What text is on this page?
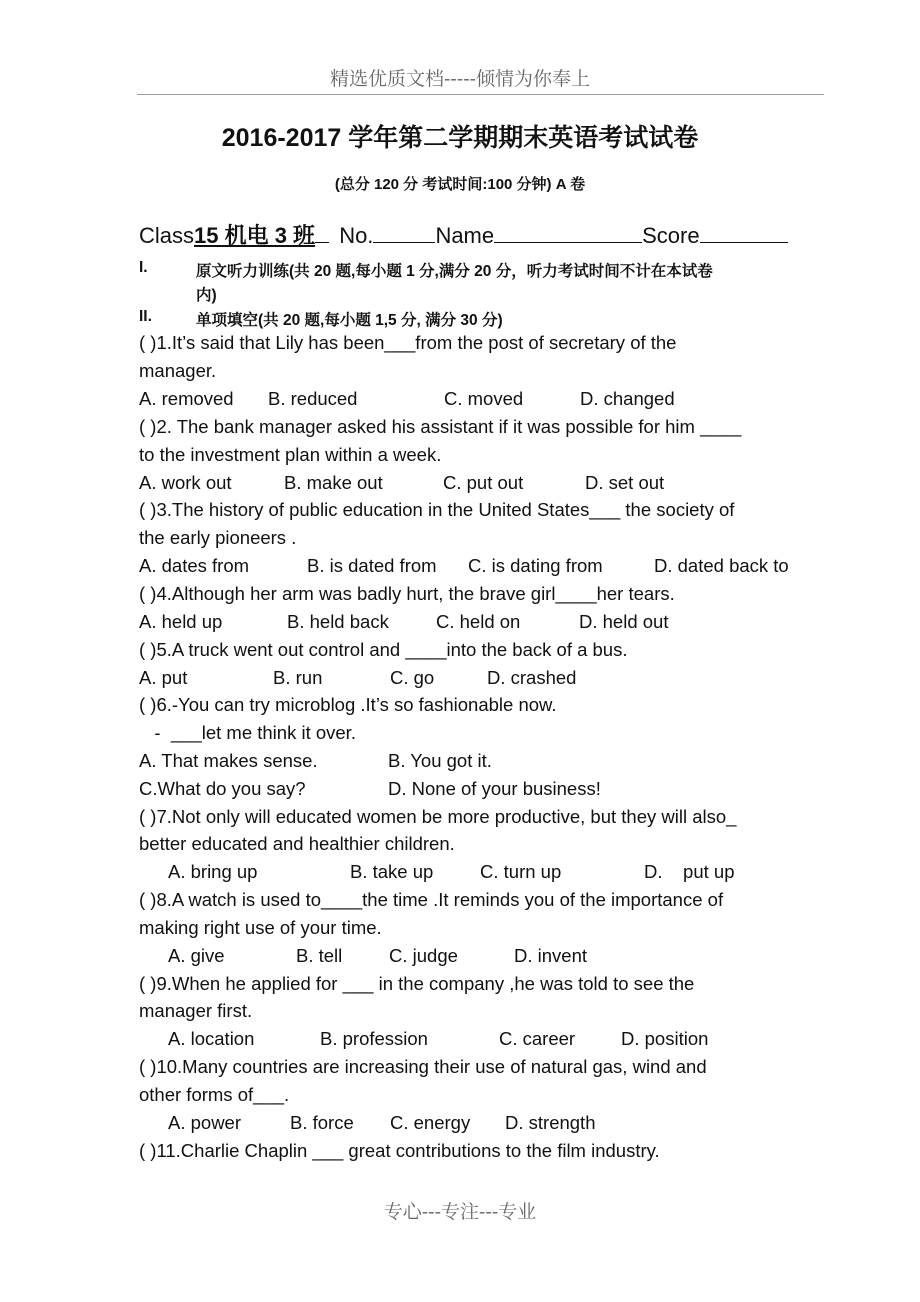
精选优质文档-----倾情为你奉上
2016-2017 学年第二学期期末英语考试试卷
(总分 120 分 考试时间:100 分钟) A 卷
Class15 机电 3 班 No.	Name	Score
I.	原文听力训练(共 20 题,每小题 1 分,满分 20 分，听力考试时间不计在本试卷
内)
II.	单项填空(共 20 题,每小题 1,5 分, 满分 30 分)
( )1.It’s said that Lily has been___from the post of secretary of the
manager.
A. removed B. reduced	C. moved	D. changed
( )2. The bank manager asked his assistant if it was possible for him ____
to the investment plan within a week.
A. work out	B. make out	C. put out	D. set out
( )3.The history of public education in the United States___ the society of
the early pioneers .
A. dates from	B. is dated from C. is dating from	D. dated back to
( )4.Although her arm was badly hurt, the brave girl____her tears.
A. held up	B. held back	C. held on	D. held out
( )5.A truck went out control and ____into the back of a bus.
A. put	B. run	C. go	D. crashed
( )6.-You can try microblog .It’s so fashionable now.
-  ___let me think it over.
A. That makes sense.	B. You got it.
C.What do you say?	D. None of your business!
( )7.Not only will educated women be more productive, but they will also_
better educated and healthier children.
A. bring up	B. take up	C. turn up	D.    put up
( )8.A watch is used to____the time .It reminds you of the importance of
making right use of your time.
A. give	B. tell	C. judge	D. invent
( )9.When he applied for ___ in the company ,he was told to see the
manager first.
A. location	B. profession	C. career D. position
( )10.Many countries are increasing their use of natural gas, wind and
other forms of___.
A. power	B. force C. energy D. strength
( )11.Charlie Chaplin ___ great contributions to the film industry.
专心---专注---专业
